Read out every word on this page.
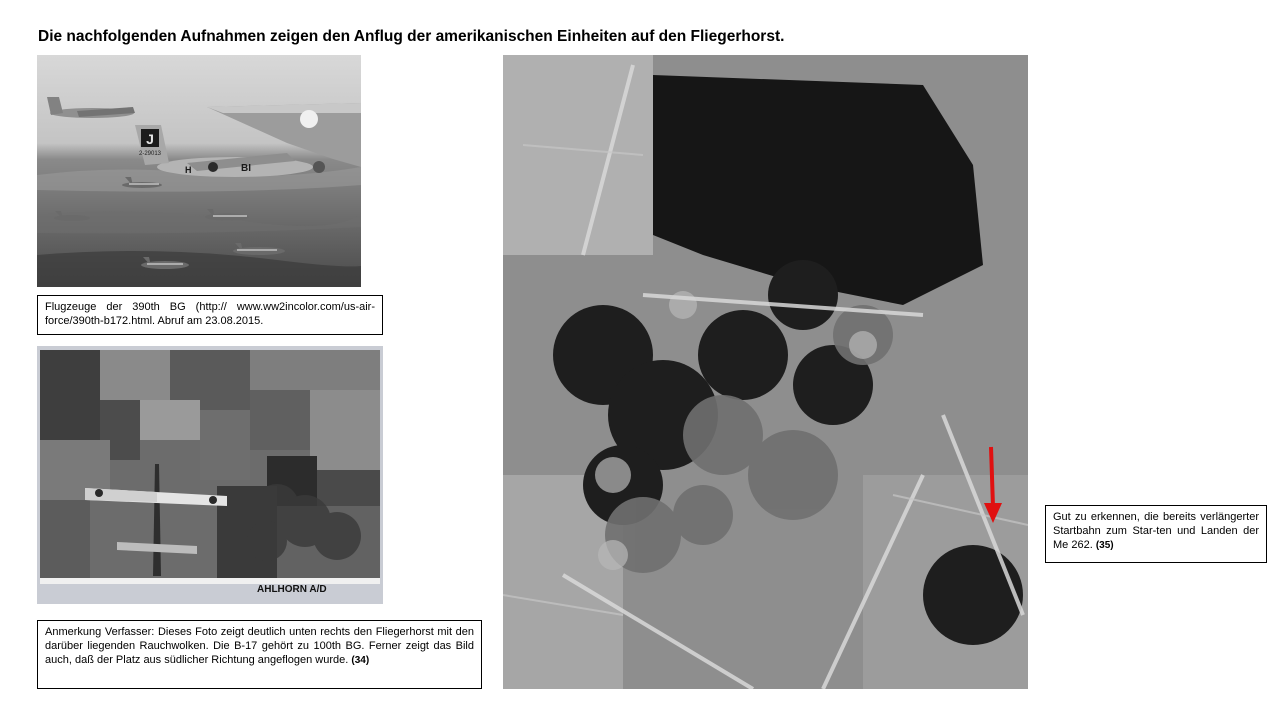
Die nachfolgenden Aufnahmen zeigen den Anflug der amerikanischen Einheiten auf den Fliegerhorst.
J
2-29013
H	BI
Flugzeuge der 390th BG (http:// www.ww2incolor.com/us-air-force/390th-b172.html. Abruf am 23.08.2015.
AHLHORN A/D
Anmerkung Verfasser: Dieses Foto zeigt deutlich unten rechts den Fliegerhorst mit den darüber liegenden Rauchwolken. Die B-17 gehört zu 100th BG. Ferner zeigt das Bild auch, daß der Platz aus südlicher Richtung angeflogen wurde. (34)
Gut zu erkennen, die bereits verlängerter Startbahn zum Star-ten und Landen der Me 262. (35)
